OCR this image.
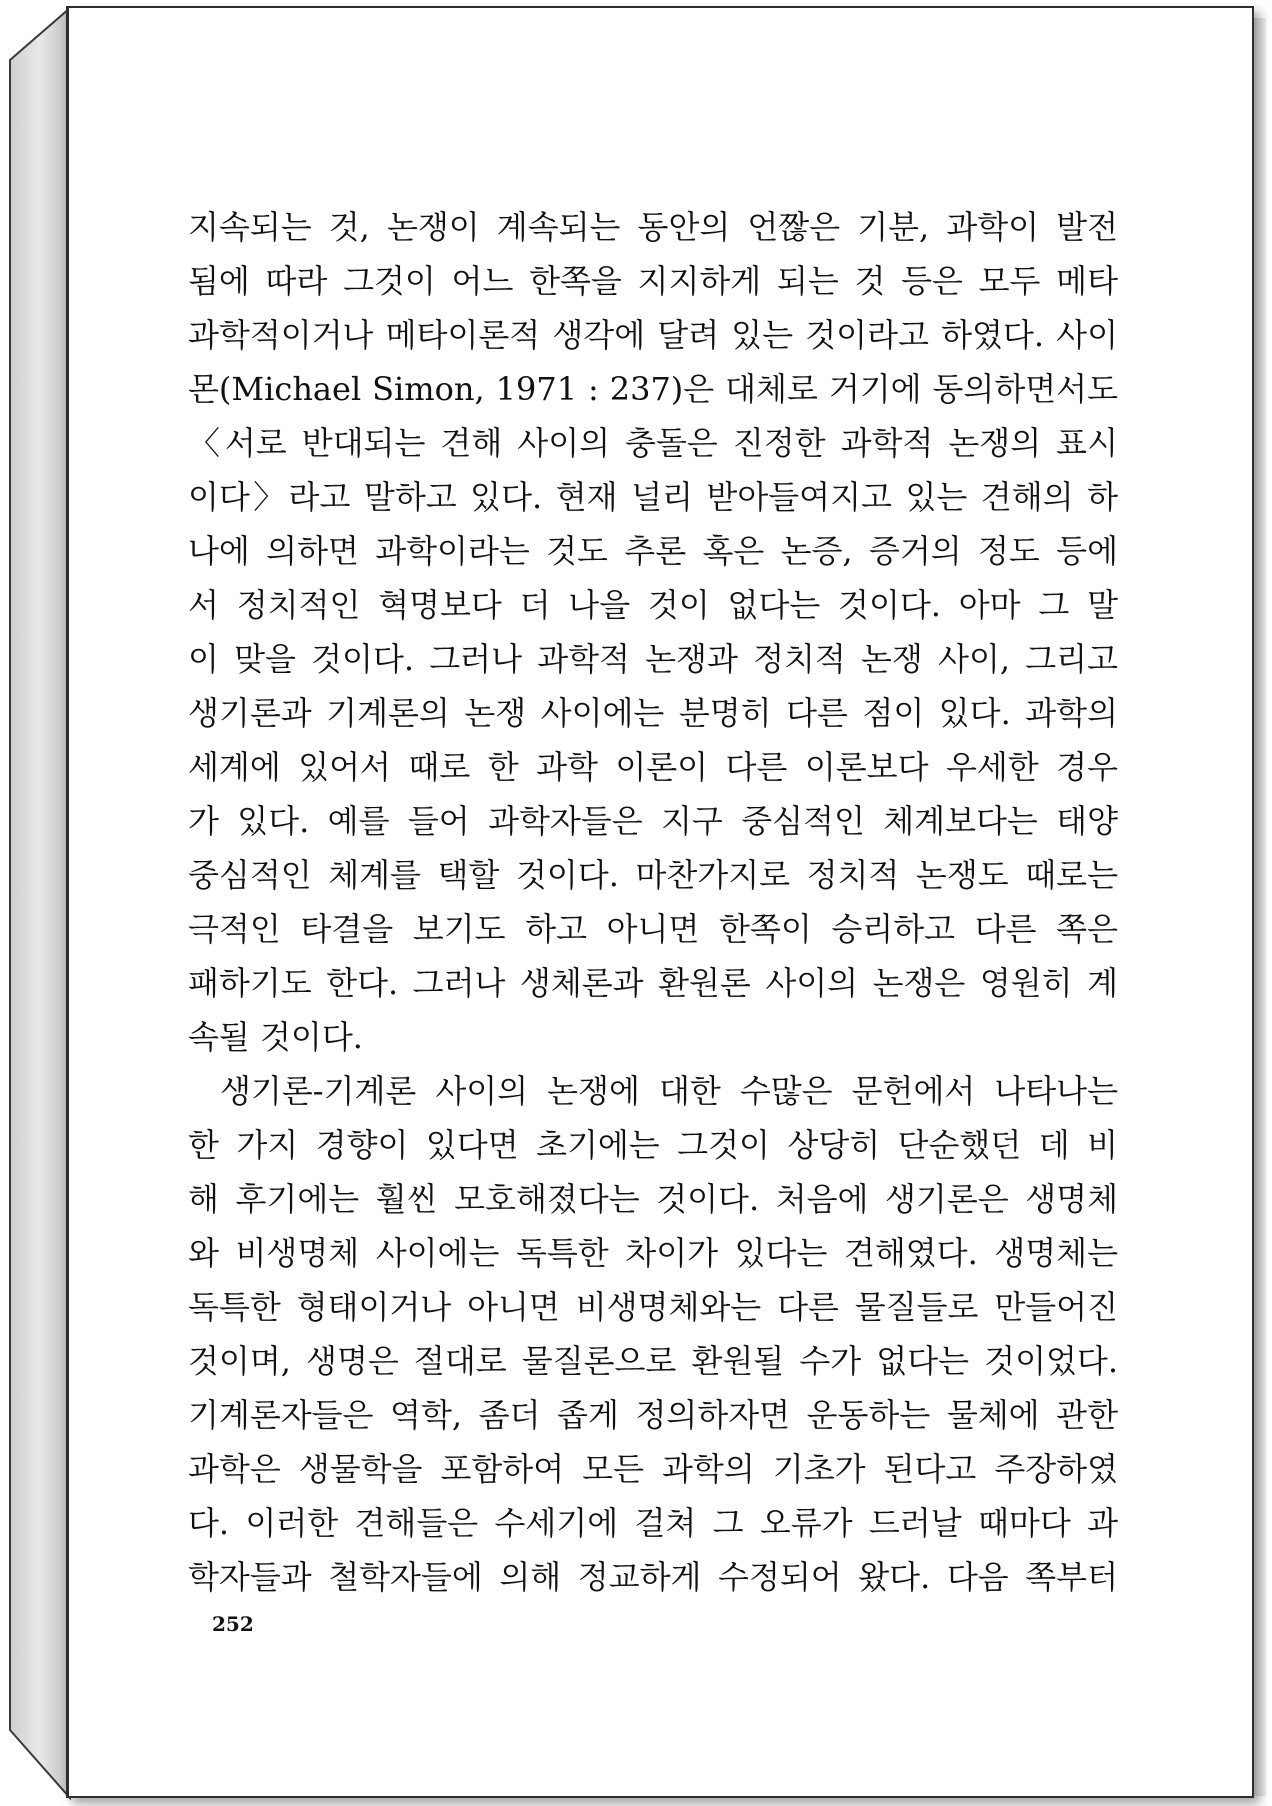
지속되는 것, 논쟁이 계속되는 동안의 언짢은 기분, 과학이 발전
됨에 따라 그것이 어느 한쪽을 지지하게 되는 것 등은 모두 메타
과학적이거나 메타이론적 생각에 달려 있는 것이라고 하였다. 사이
몬(Michael Simon, 1971 : 237)은 대체로 거기에 동의하면서도
〈서로 반대되는 견해 사이의 충돌은 진정한 과학적 논쟁의 표시
이다〉라고 말하고 있다. 현재 널리 받아들여지고 있는 견해의 하
나에 의하면 과학이라는 것도 추론 혹은 논증, 증거의 정도 등에
서 정치적인 혁명보다 더 나을 것이 없다는 것이다. 아마 그 말
이 맞을 것이다. 그러나 과학적 논쟁과 정치적 논쟁 사이, 그리고
생기론과 기계론의 논쟁 사이에는 분명히 다른 점이 있다. 과학의
세계에 있어서 때로 한 과학 이론이 다른 이론보다 우세한 경우
가 있다. 예를 들어 과학자들은 지구 중심적인 체계보다는 태양
중심적인 체계를 택할 것이다. 마찬가지로 정치적 논쟁도 때로는
극적인 타결을 보기도 하고 아니면 한쪽이 승리하고 다른 쪽은
패하기도 한다. 그러나 생체론과 환원론 사이의 논쟁은 영원히 계
속될 것이다.
생기론-기계론 사이의 논쟁에 대한 수많은 문헌에서 나타나는
한 가지 경향이 있다면 초기에는 그것이 상당히 단순했던 데 비
해 후기에는 훨씬 모호해졌다는 것이다. 처음에 생기론은 생명체
와 비생명체 사이에는 독특한 차이가 있다는 견해였다. 생명체는
독특한 형태이거나 아니면 비생명체와는 다른 물질들로 만들어진
것이며, 생명은 절대로 물질론으로 환원될 수가 없다는 것이었다.
기계론자들은 역학, 좀더 좁게 정의하자면 운동하는 물체에 관한
과학은 생물학을 포함하여 모든 과학의 기초가 된다고 주장하였
다. 이러한 견해들은 수세기에 걸쳐 그 오류가 드러날 때마다 과
학자들과 철학자들에 의해 정교하게 수정되어 왔다. 다음 쪽부터
252
